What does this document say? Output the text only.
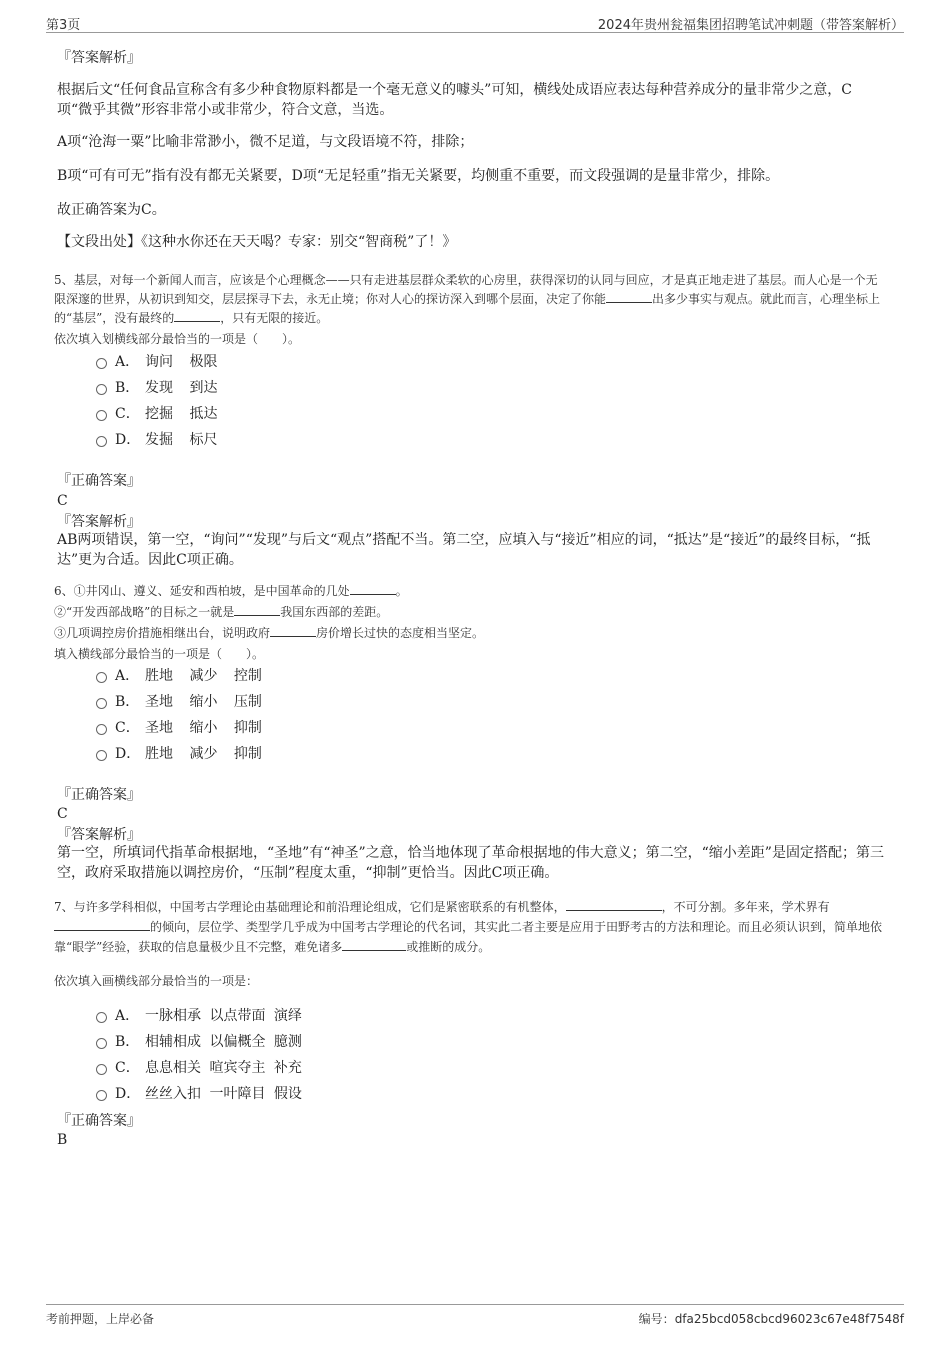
第3页	2024年贵州瓮福集团招聘笔试冲刺题（带答案解析）
『答案解析』
根据后文“任何食品宣称含有多少种食物原料都是一个毫无意义的噱头”可知，横线处成语应表达每种营养成分的量非常少之意，C项“微乎其微”形容非常小或非常少，符合文意，当选。
A项“沧海一粟”比喻非常渺小，微不足道，与文段语境不符，排除；
B项“可有可无”指有没有都无关紧要，D项“无足轻重”指无关紧要，均侧重不重要，而文段强调的是量非常少，排除。
故正确答案为C。
【文段出处】《这种水你还在天天喝？专家：别交“智商税”了！》
5、基层，对每一个新闻人而言，应该是个心理概念——只有走进基层群众柔软的心房里，获得深切的认同与回应，才是真正地走进了基层。而人心是一个无限深邃的世界，从初识到知交，层层探寻下去，永无止境；你对人心的探访深入到哪个层面，决定了你能	出多少事实与观点。就此而言，心理坐标上的“基层”，没有最终的	，只有无限的接近。
依次填入划横线部分最恰当的一项是（　　）。
A． 询问 极限
B． 发现 到达
C． 挖掘 抵达
D． 发掘 标尺
『正确答案』
C
『答案解析』
AB两项错误，第一空，“询问”“发现”与后文“观点”搭配不当。第二空，应填入与“接近”相应的词，“抵达”是“接近”的最终目标，“抵达”更为合适。因此C项正确。
6、①井冈山、遵义、延安和西柏坡，是中国革命的几处	。
②“开发西部战略”的目标之一就是	我国东西部的差距。
③几项调控房价措施相继出台，说明政府	房价增长过快的态度相当坚定。
填入横线部分最恰当的一项是（　　）。
A． 胜地 减少 控制
B． 圣地 缩小 压制
C． 圣地 缩小 抑制
D． 胜地 减少 抑制
『正确答案』
C
『答案解析』
第一空，所填词代指革命根据地，“圣地”有“神圣”之意，恰当地体现了革命根据地的伟大意义；第二空，“缩小差距”是固定搭配；第三空，政府采取措施以调控房价，“压制”程度太重，“抑制”更恰当。因此C项正确。
7、与许多学科相似，中国考古学理论由基础理论和前沿理论组成，它们是紧密联系的有机整体，	，不可分割。多年来，学术界有的倾向，层位学、类型学几乎成为中国考古学理论的代名词，其实此二者主要是应用于田野考古的方法和理论。而且必须认识到，简单地依靠“眼学”经验，获取的信息量极少且不完整，难免诸多	或推断的成分。
依次填入画横线部分最恰当的一项是：
A． 一脉相承 以点带面 演绎
B． 相辅相成 以偏概全 臆测
C． 息息相关 喧宾夺主 补充
D． 丝丝入扣 一叶障目 假设
『正确答案』
B
考前押题，上岸必备	编号：dfa25bcd058cbcd96023c67e48f7548f
